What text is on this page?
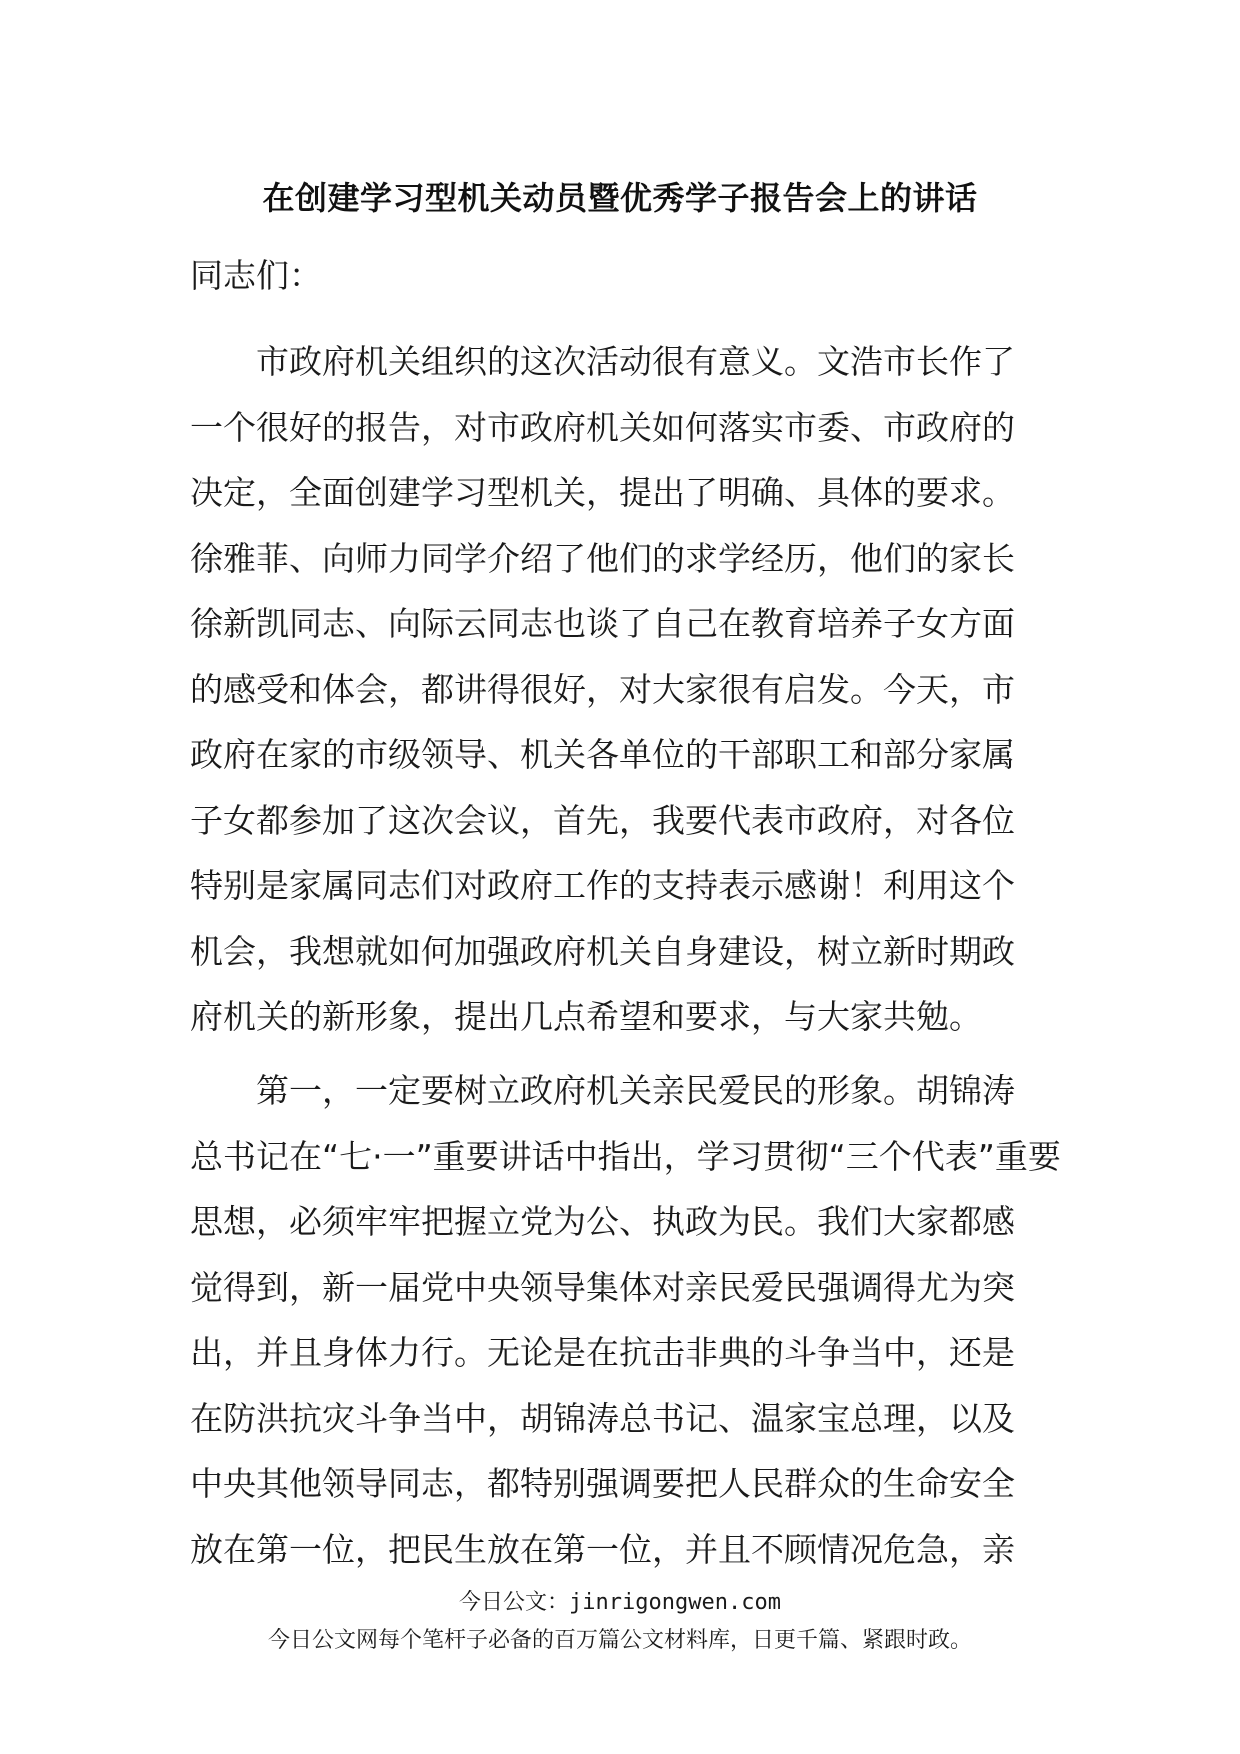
在创建学习型机关动员暨优秀学子报告会上的讲话
同志们：
　　市政府机关组织的这次活动很有意义。文浩市长作了
一个很好的报告，对市政府机关如何落实市委、市政府的
决定，全面创建学习型机关，提出了明确、具体的要求。
徐雅菲、向师力同学介绍了他们的求学经历，他们的家长
徐新凯同志、向际云同志也谈了自己在教育培养子女方面
的感受和体会，都讲得很好，对大家很有启发。今天，市
政府在家的市级领导、机关各单位的干部职工和部分家属
子女都参加了这次会议，首先，我要代表市政府，对各位
特别是家属同志们对政府工作的支持表示感谢！利用这个
机会，我想就如何加强政府机关自身建设，树立新时期政
府机关的新形象，提出几点希望和要求，与大家共勉。
　　第一，一定要树立政府机关亲民爱民的形象。胡锦涛
总书记在“七·一”重要讲话中指出，学习贯彻“三个代表”重要
思想，必须牢牢把握立党为公、执政为民。我们大家都感
觉得到，新一届党中央领导集体对亲民爱民强调得尤为突
出，并且身体力行。无论是在抗击非典的斗争当中，还是
在防洪抗灾斗争当中，胡锦涛总书记、温家宝总理，以及
中央其他领导同志，都特别强调要把人民群众的生命安全
放在第一位，把民生放在第一位，并且不顾情况危急，亲
今日公文：jinrigongwen.com
今日公文网每个笔杆子必备的百万篇公文材料库，日更千篇、紧跟时政。
